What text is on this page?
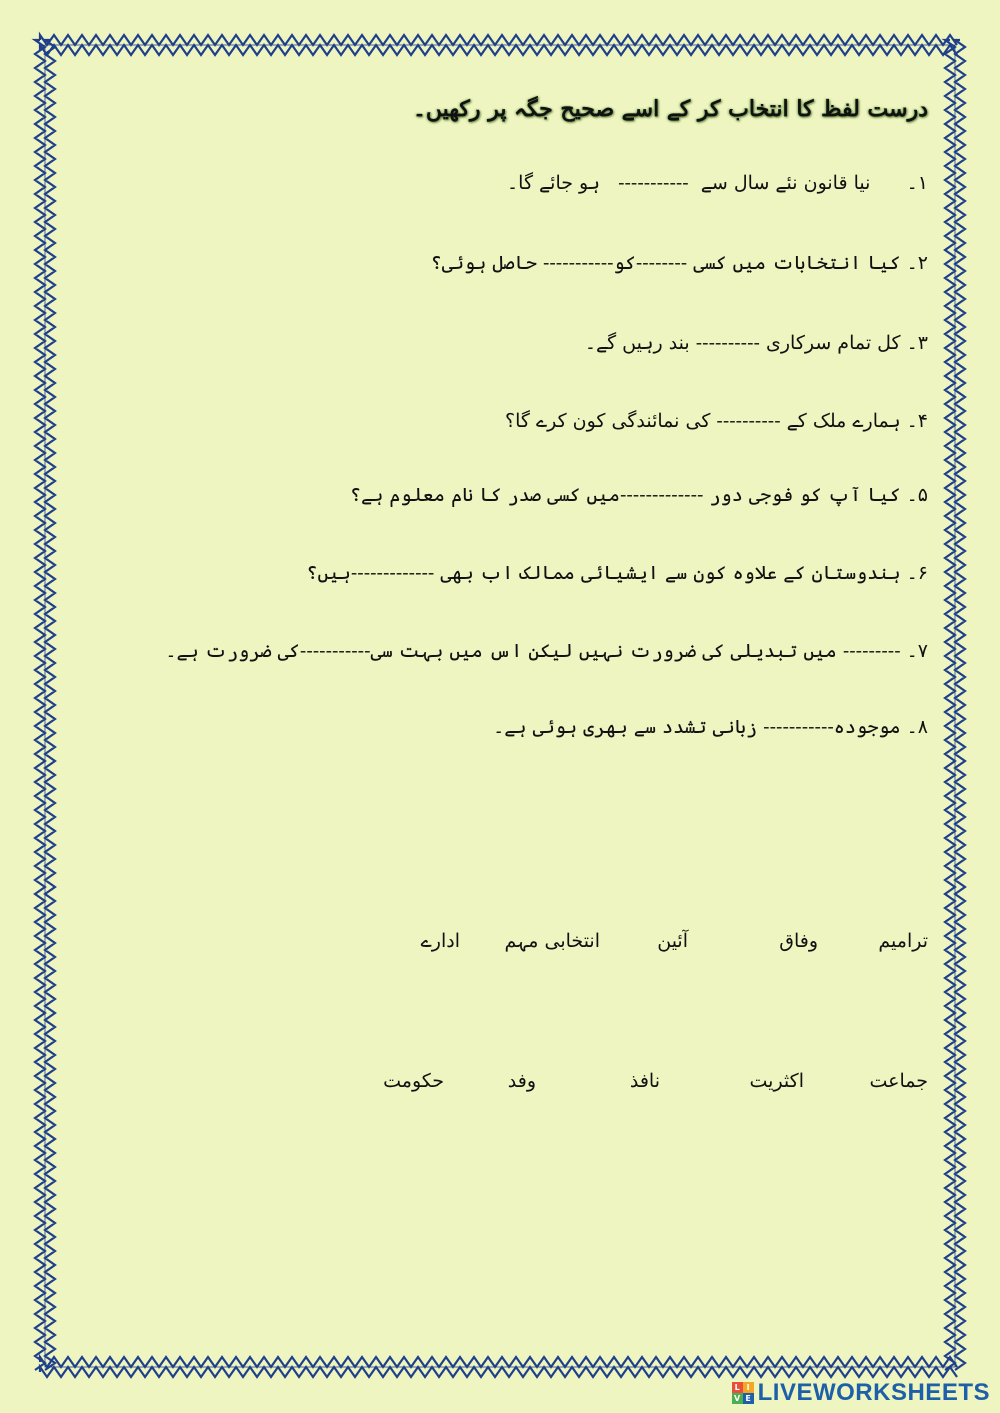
درست لفظ کا انتخاب کر کے اسے صحیح جگہ پر رکھیں۔
۱۔      نیا قانون نئے سال سے  -----------   ہو جائے گا۔
۲۔ کیا انتخابات میں کسی --------کو----------- حاصل ہوئی؟
۳۔ کل تمام سرکاری ---------- بند رہیں گے۔
۴۔ ہمارے ملک کے ---------- کی نمائندگی کون کرے گا؟
۵۔ کیا آپ کو فوجی دور -------------میں کسی صدر کا نام معلوم ہے؟
۶۔ ہندوستان کے علاوہ کون سے ایشیائی ممالک اب بھی -------------ہیں؟
۷۔ --------- میں تبدیلی کی ضرورت نہیں لیکن اس میں بہت سی-----------کی ضرورت ہے۔
۸۔ موجودہ----------- زبانی تشدد سے بھری ہوئی ہے۔
ترامیم
وفاق
آئین
انتخابی مہم
ادارے
جماعت
اکثریت
نافذ
وفد
حکومت
L I
V E LIVEWORKSHEETS
